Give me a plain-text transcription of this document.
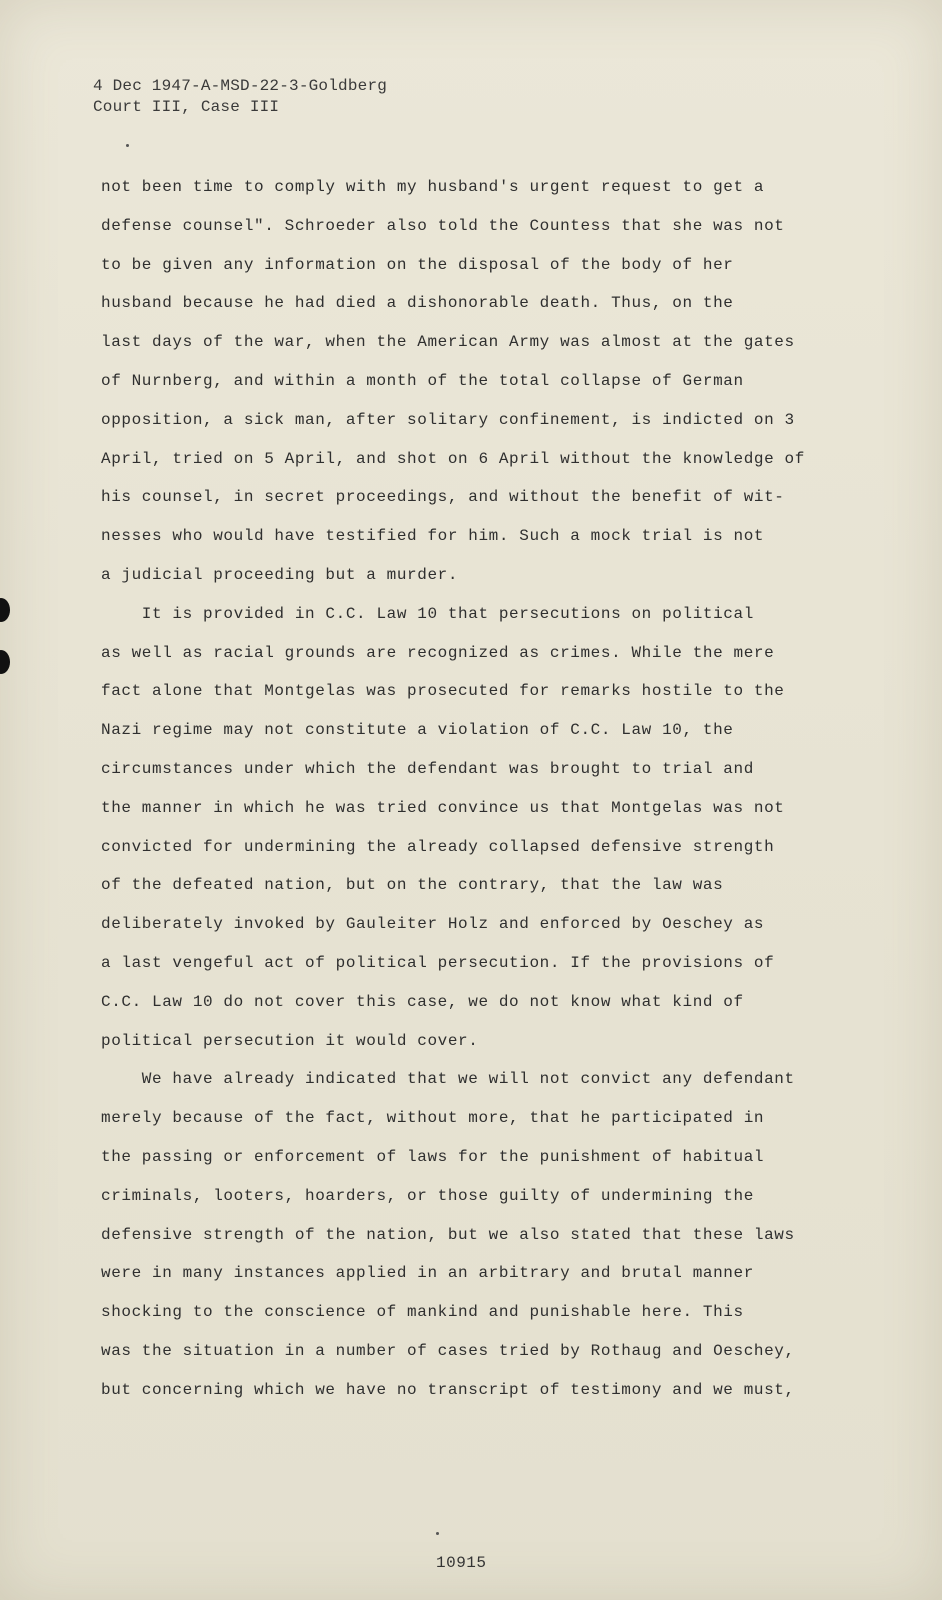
4 Dec 1947-A-MSD-22-3-Goldberg
Court III, Case III
not been time to comply with my husband's urgent request to get a
defense counsel". Schroeder also told the Countess that she was not
to be given any information on the disposal of the body of her
husband because he had died a dishonorable death. Thus, on the
last days of the war, when the American Army was almost at the gates
of Nurnberg, and within a month of the total collapse of German
opposition, a sick man, after solitary confinement, is indicted on 3
April, tried on 5 April, and shot on 6 April without the knowledge of
his counsel, in secret proceedings, and without the benefit of wit-
nesses who would have testified for him. Such a mock trial is not
a judicial proceeding but a murder.
It is provided in C.C. Law 10 that persecutions on political
as well as racial grounds are recognized as crimes. While the mere
fact alone that Montgelas was prosecuted for remarks hostile to the
Nazi regime may not constitute a violation of C.C. Law 10, the
circumstances under which the defendant was brought to trial and
the manner in which he was tried convince us that Montgelas was not
convicted for undermining the already collapsed defensive strength
of the defeated nation, but on the contrary, that the law was
deliberately invoked by Gauleiter Holz and enforced by Oeschey as
a last vengeful act of political persecution. If the provisions of
C.C. Law 10 do not cover this case, we do not know what kind of
political persecution it would cover.
We have already indicated that we will not convict any defendant
merely because of the fact, without more, that he participated in
the passing or enforcement of laws for the punishment of habitual
criminals, looters, hoarders, or those guilty of undermining the
defensive strength of the nation, but we also stated that these laws
were in many instances applied in an arbitrary and brutal manner
shocking to the conscience of mankind and punishable here. This
was the situation in a number of cases tried by Rothaug and Oeschey,
but concerning which we have no transcript of testimony and we must,
10915
